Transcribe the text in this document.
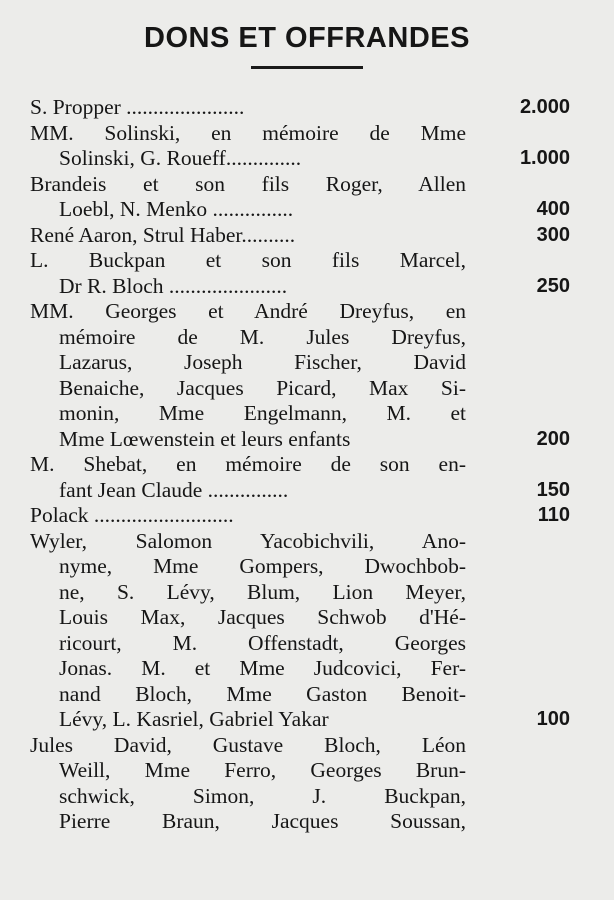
DONS ET OFFRANDES
S. Propper ......................	2.000
MM. Solinski, en mémoire de Mme
Solinski, G. Roueff..............	1.000
Brandeis et son fils Roger, Allen
Loebl, N. Menko ...............	400
René Aaron, Strul Haber..........	300
L. Buckpan et son fils Marcel,
Dr R. Bloch ......................	250
MM. Georges et André Dreyfus, en
mémoire de M. Jules Dreyfus,
Lazarus, Joseph Fischer, David
Benaiche, Jacques Picard, Max Si-
monin, Mme Engelmann, M. et
Mme Lœwenstein et leurs enfants	200
M. Shebat, en mémoire de son en-
fant Jean Claude ...............	150
Polack ..........................	110
Wyler, Salomon Yacobichvili, Ano-
nyme, Mme Gompers, Dwochbob-
ne, S. Lévy, Blum, Lion Meyer,
Louis Max, Jacques Schwob d'Hé-
ricourt, M. Offenstadt, Georges
Jonas. M. et Mme Judcovici, Fer-
nand Bloch, Mme Gaston Benoit-
Lévy, L. Kasriel, Gabriel Yakar	100
Jules David, Gustave Bloch, Léon
Weill, Mme Ferro, Georges Brun-
schwick, Simon, J. Buckpan,
Pierre Braun, Jacques Soussan,
